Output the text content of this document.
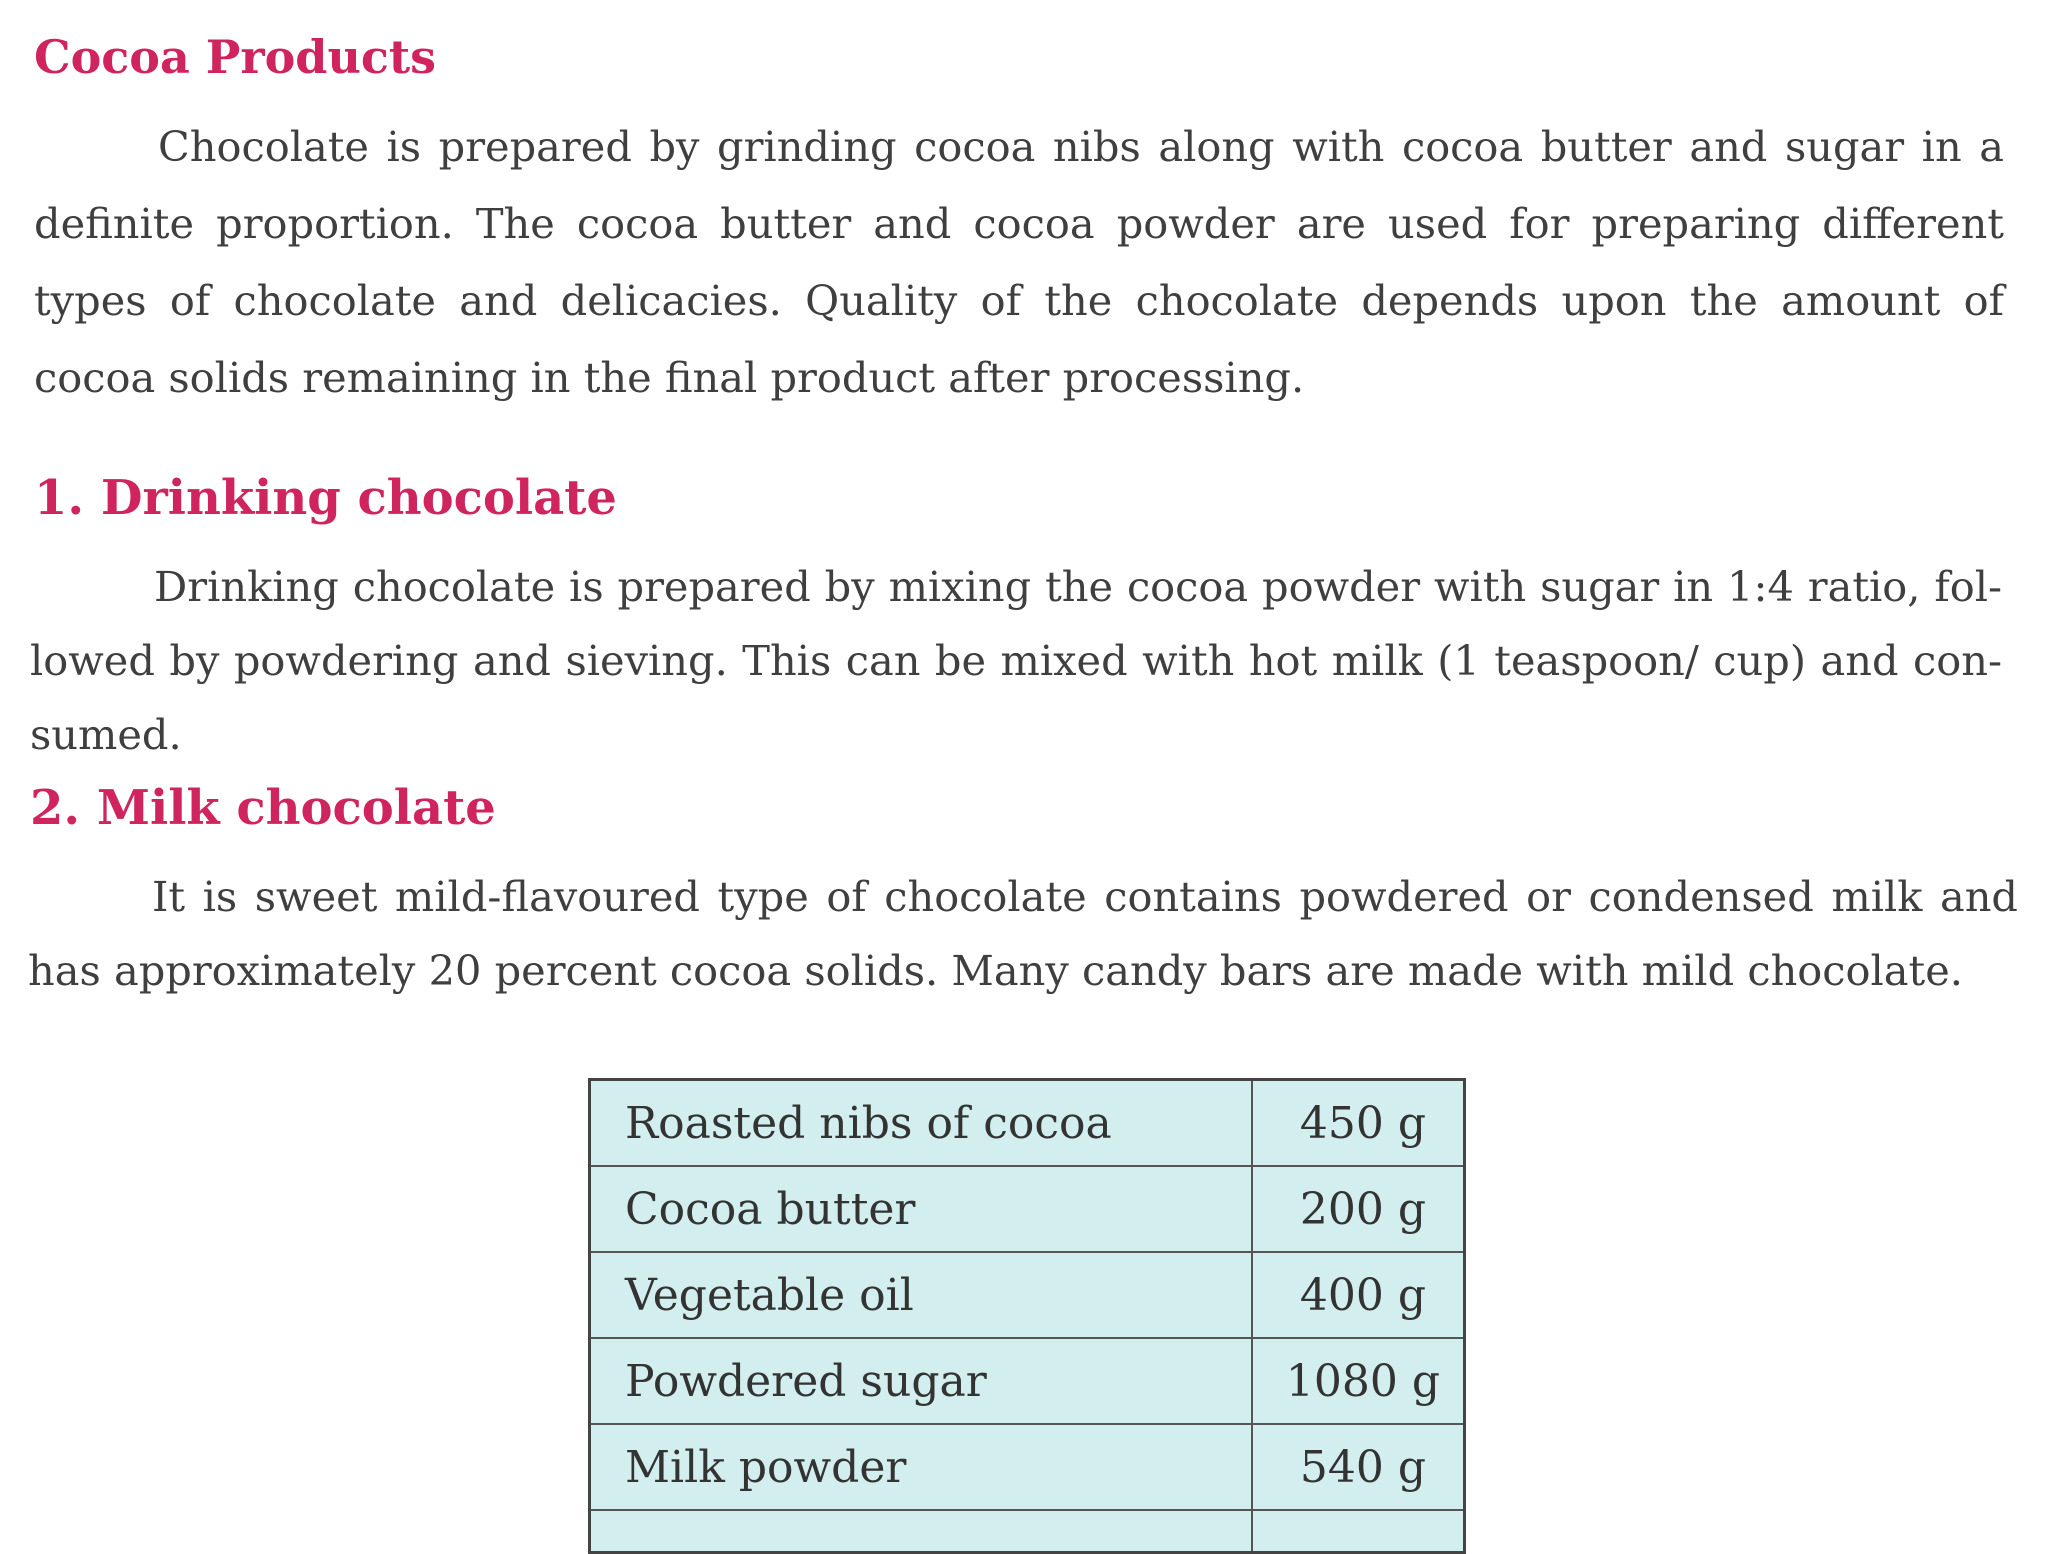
Cocoa Products

Chocolate is prepared by grinding cocoa nibs along with cocoa butter and sugar in a definite proportion. The cocoa butter and cocoa powder are used for preparing different types of chocolate and delicacies. Quality of the chocolate depends upon the amount of cocoa solids remaining in the final product after processing.

1. Drinking chocolate

Drinking chocolate is prepared by mixing the cocoa powder with sugar in 1:4 ratio, fol-lowed by powdering and sieving. This can be mixed with hot milk (1 teaspoon/ cup) and con-sumed.

2. Milk chocolate

It is sweet mild-flavoured type of chocolate contains powdered or condensed milk and has approximately 20 percent cocoa solids. Many candy bars are made with mild chocolate.

Roasted nibs of cocoa	450 g
Cocoa butter	200 g
Vegetable oil	400 g
Powdered sugar	1080 g
Milk powder	540 g
